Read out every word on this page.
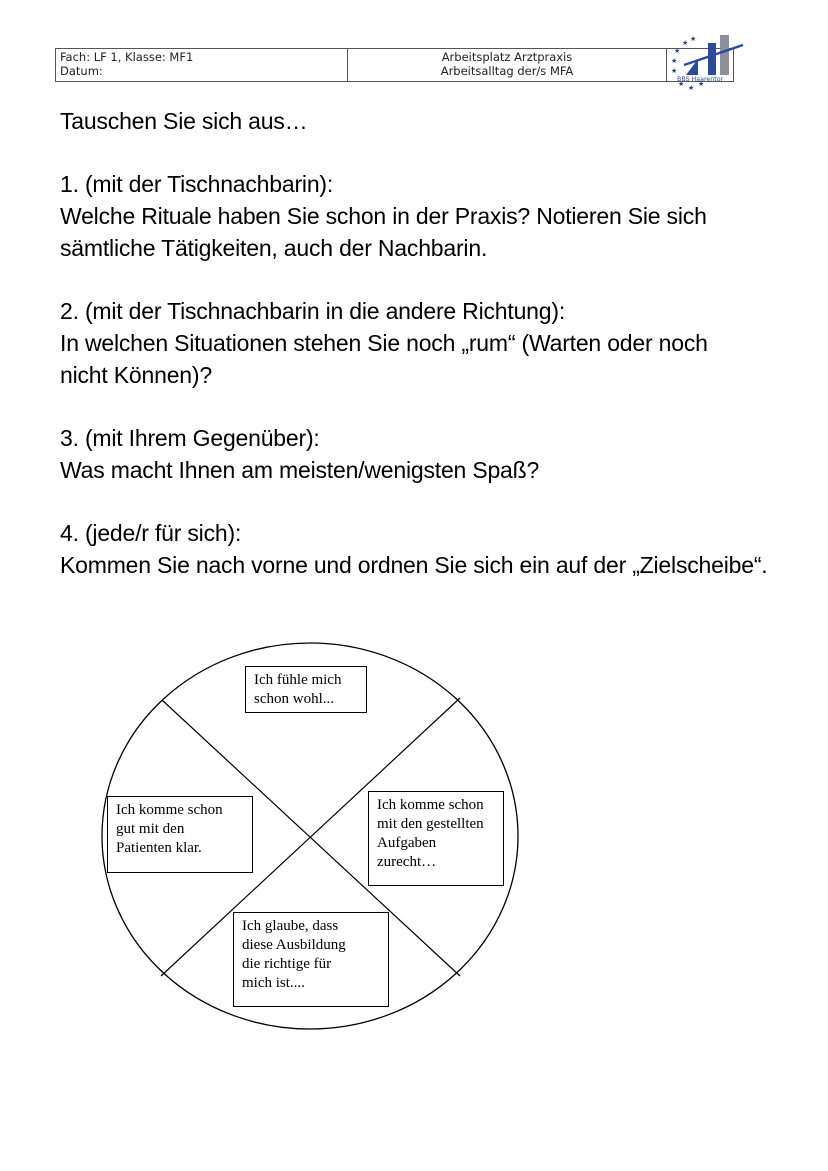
Fach: LF 1, Klasse: MF1
Datum:

Arbeitsplatz Arztpraxis
Arbeitsalltag der/s MFA

★
★
★
★
★
★
★
★
BBS Haarentor

Tauschen Sie sich aus…

1. (mit der Tischnachbarin):

Welche Rituale haben Sie schon in der Praxis? Notieren Sie sich

sämtliche Tätigkeiten, auch der Nachbarin.

2. (mit der Tischnachbarin in die andere Richtung):

In welchen Situationen stehen Sie noch „rum“ (Warten oder noch

nicht Können)?

3. (mit Ihrem Gegenüber):

Was macht Ihnen am meisten/wenigsten Spaß?

4. (jede/r für sich):

Kommen Sie nach vorne und ordnen Sie sich ein auf der „Zielscheibe“.

Ich fühle mich
schon wohl...
Ich komme schon
gut mit den
Patienten klar.
Ich komme schon
mit den gestellten
Aufgaben
zurecht…
Ich glaube, dass
diese Ausbildung
die richtige für
mich ist....
